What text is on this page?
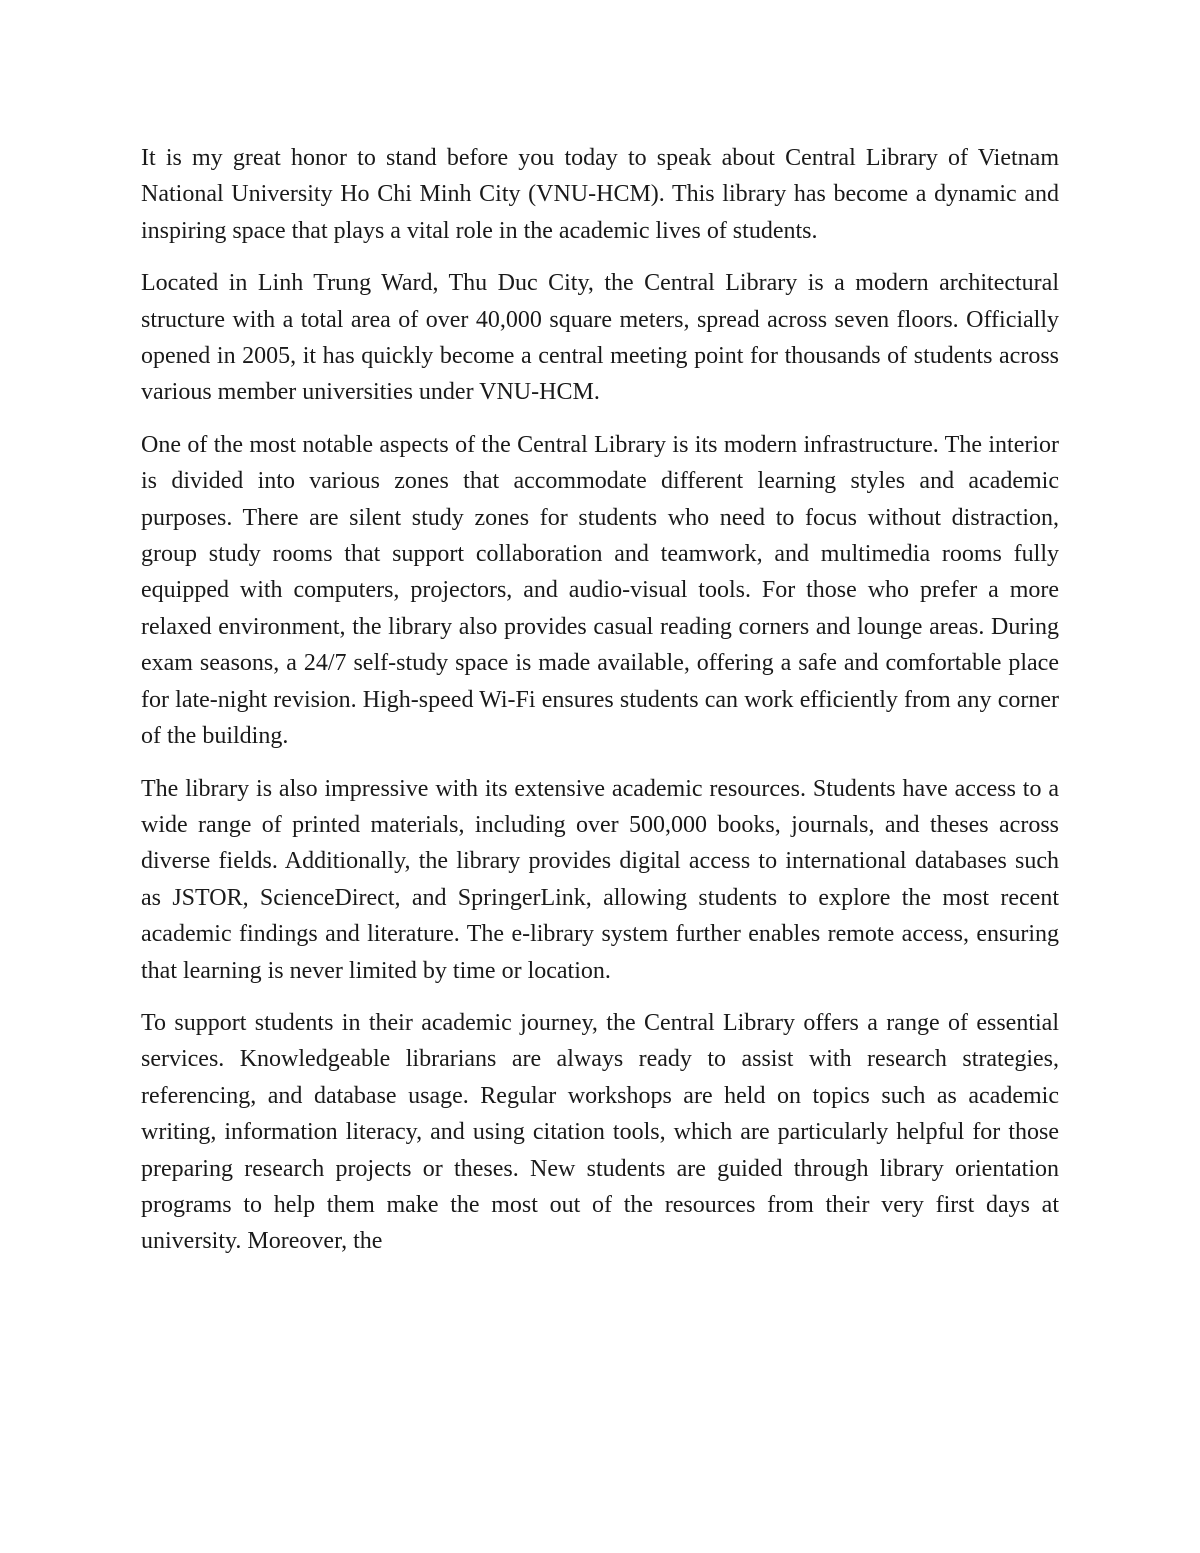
It is my great honor to stand before you today to speak about Central Library of Vietnam National University Ho Chi Minh City (VNU-HCM). This library has become a dynamic and inspiring space that plays a vital role in the academic lives of students.

Located in Linh Trung Ward, Thu Duc City, the Central Library is a modern architectural structure with a total area of over 40,000 square meters, spread across seven floors. Officially opened in 2005, it has quickly become a central meeting point for thousands of students across various member universities under VNU-HCM.

One of the most notable aspects of the Central Library is its modern infrastructure. The interior is divided into various zones that accommodate different learning styles and academic purposes. There are silent study zones for students who need to focus without distraction, group study rooms that support collaboration and teamwork, and multimedia rooms fully equipped with computers, projectors, and audio-visual tools. For those who prefer a more relaxed environment, the library also provides casual reading corners and lounge areas. During exam seasons, a 24/7 self-study space is made available, offering a safe and comfortable place for late-night revision. High-speed Wi-Fi ensures students can work efficiently from any corner of the building.

The library is also impressive with its extensive academic resources. Students have access to a wide range of printed materials, including over 500,000 books, journals, and theses across diverse fields. Additionally, the library provides digital access to international databases such as JSTOR, ScienceDirect, and SpringerLink, allowing students to explore the most recent academic findings and literature. The e-library system further enables remote access, ensuring that learning is never limited by time or location.

To support students in their academic journey, the Central Library offers a range of essential services. Knowledgeable librarians are always ready to assist with research strategies, referencing, and database usage. Regular workshops are held on topics such as academic writing, information literacy, and using citation tools, which are particularly helpful for those preparing research projects or theses. New students are guided through library orientation programs to help them make the most out of the resources from their very first days at university. Moreover, the
